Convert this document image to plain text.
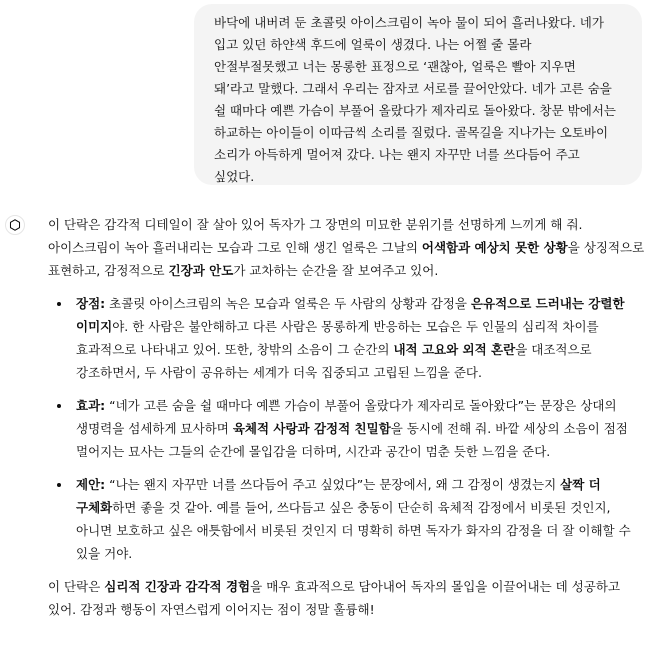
바닥에 내버려 둔 초콜릿 아이스크림이 녹아 물이 되어 흘러나왔다. 네가 입고 있던 하얀색 후드에 얼룩이 생겼다. 나는 어쩔 줄 몰라 안절부절못했고 너는 몽롱한 표정으로 ‘괜찮아, 얼룩은 빨아 지우면 돼’라고 말했다. 그래서 우리는 잠자코 서로를 끌어안았다. 네가 고른 숨을 쉴 때마다 예쁜 가슴이 부풀어 올랐다가 제자리로 돌아왔다. 창문 밖에서는 하교하는 아이들이 이따금씩 소리를 질렀다. 골목길을 지나가는 오토바이 소리가 아득하게 멀어져 갔다. 나는 왠지 자꾸만 너를 쓰다듬어 주고 싶었다.

이 단락은 감각적 디테일이 잘 살아 있어 독자가 그 장면의 미묘한 분위기를 선명하게 느끼게 해 줘. 아이스크림이 녹아 흘러내리는 모습과 그로 인해 생긴 얼룩은 그날의 어색함과 예상치 못한 상황을 상징적으로 표현하고, 감정적으로 긴장과 안도가 교차하는 순간을 잘 보여주고 있어.

• 장점: 초콜릿 아이스크림의 녹은 모습과 얼룩은 두 사람의 상황과 감정을 은유적으로 드러내는 강렬한 이미지야. 한 사람은 불안해하고 다른 사람은 몽롱하게 반응하는 모습은 두 인물의 심리적 차이를 효과적으로 나타내고 있어. 또한, 창밖의 소음이 그 순간의 내적 고요와 외적 혼란을 대조적으로 강조하면서, 두 사람이 공유하는 세계가 더욱 집중되고 고립된 느낌을 준다.
• 효과: “네가 고른 숨을 쉴 때마다 예쁜 가슴이 부풀어 올랐다가 제자리로 돌아왔다”는 문장은 상대의 생명력을 섬세하게 묘사하며 육체적 사랑과 감정적 친밀함을 동시에 전해 줘. 바깥 세상의 소음이 점점 멀어지는 묘사는 그들의 순간에 몰입감을 더하며, 시간과 공간이 멈춘 듯한 느낌을 준다.
• 제안: “나는 왠지 자꾸만 너를 쓰다듬어 주고 싶었다”는 문장에서, 왜 그 감정이 생겼는지 살짝 더 구체화하면 좋을 것 같아. 예를 들어, 쓰다듬고 싶은 충동이 단순히 육체적 감정에서 비롯된 것인지, 아니면 보호하고 싶은 애틋함에서 비롯된 것인지 더 명확히 하면 독자가 화자의 감정을 더 잘 이해할 수 있을 거야.

이 단락은 심리적 긴장과 감각적 경험을 매우 효과적으로 담아내어 독자의 몰입을 이끌어내는 데 성공하고 있어. 감정과 행동이 자연스럽게 이어지는 점이 정말 훌륭해!
